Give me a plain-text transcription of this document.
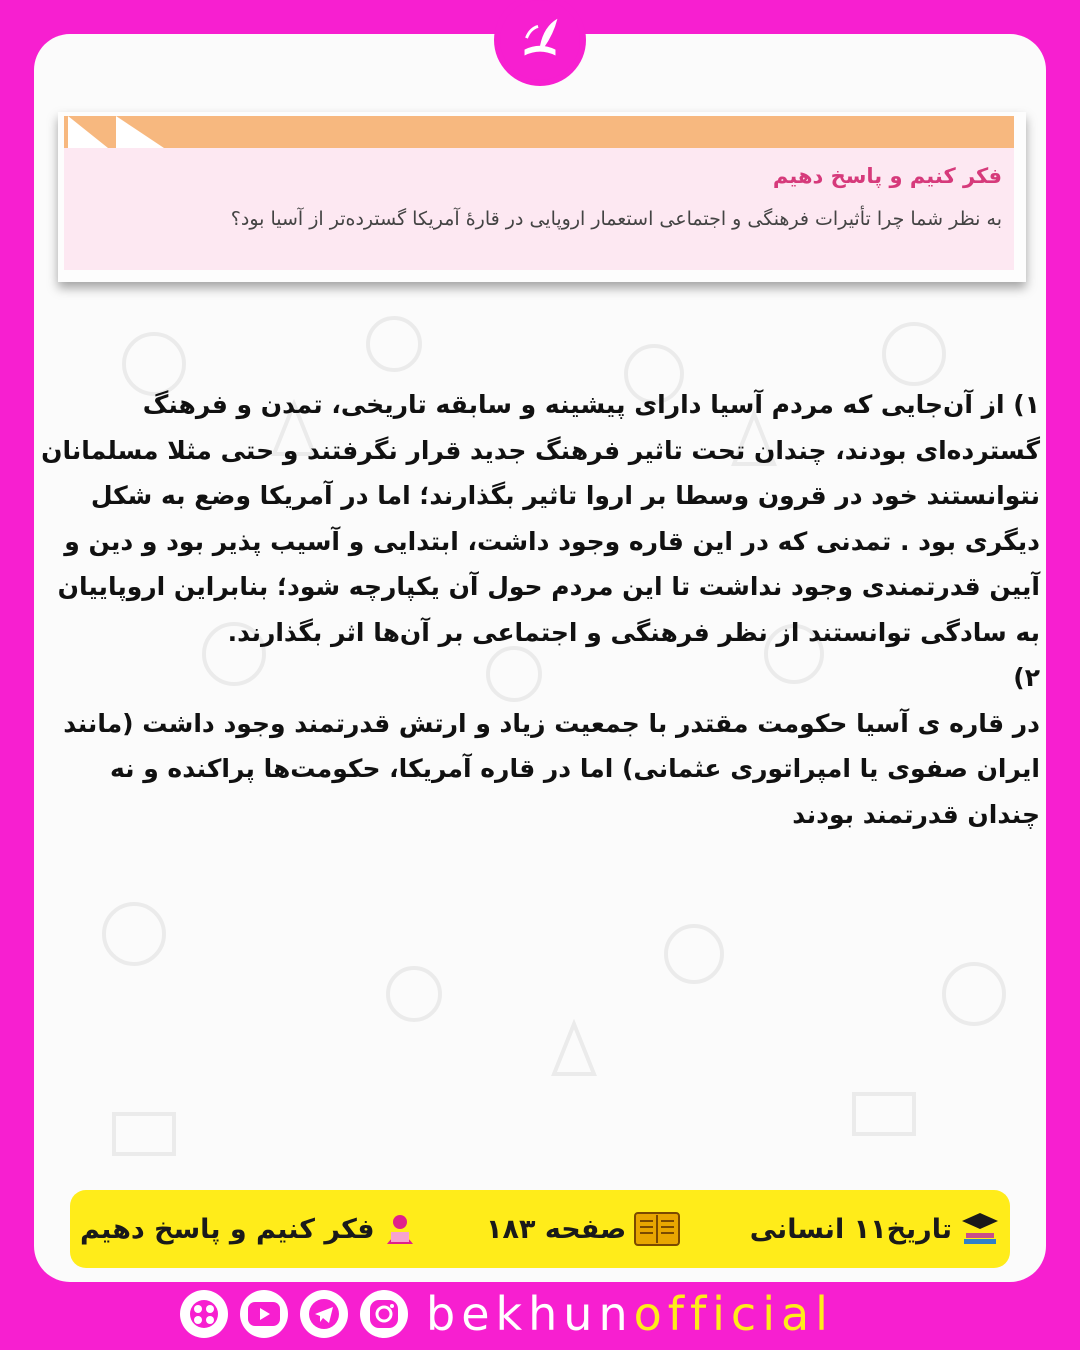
فکر کنیم و پاسخ دهیم
به نظر شما چرا تأثیرات فرهنگی و اجتماعی استعمار اروپایی در قارۀ آمریکا گسترده‌تر از آسیا بود؟

۱) از آن‌جایی که مردم آسیا دارای پیشینه و سابقه تاریخی، تمدن و فرهنگ گسترده‌ای بودند، چندان تحت تاثیر فرهنگ جدید قرار نگرفتند و حتی مثلا مسلمانان نتوانستند خود در قرون وسطا بر اروا تاثیر بگذارند؛ اما در آمریکا وضع به شکل دیگری بود . تمدنی که در این قاره وجود داشت، ابتدایی و آسیب پذیر بود و دین و آیین قدرتمندی وجود نداشت تا این مردم حول آن یکپارچه شود؛ بنابراین اروپاییان به سادگی توانستند از نظر فرهنگی و اجتماعی بر آن‌ها اثر بگذارند.

۲)

در قاره ی آسیا حکومت مقتدر با جمعیت زیاد و ارتش قدرتمند وجود داشت (مانند ایران صفوی یا امپراتوری عثمانی) اما در قاره آمریکا، حکومت‌ها پراکنده و نه چندان قدرتمند بودند

فکر کنیم و پاسخ دهیم	صفحه ۱۸۳	تاریخ۱۱ انسانی
bekhunofficial
